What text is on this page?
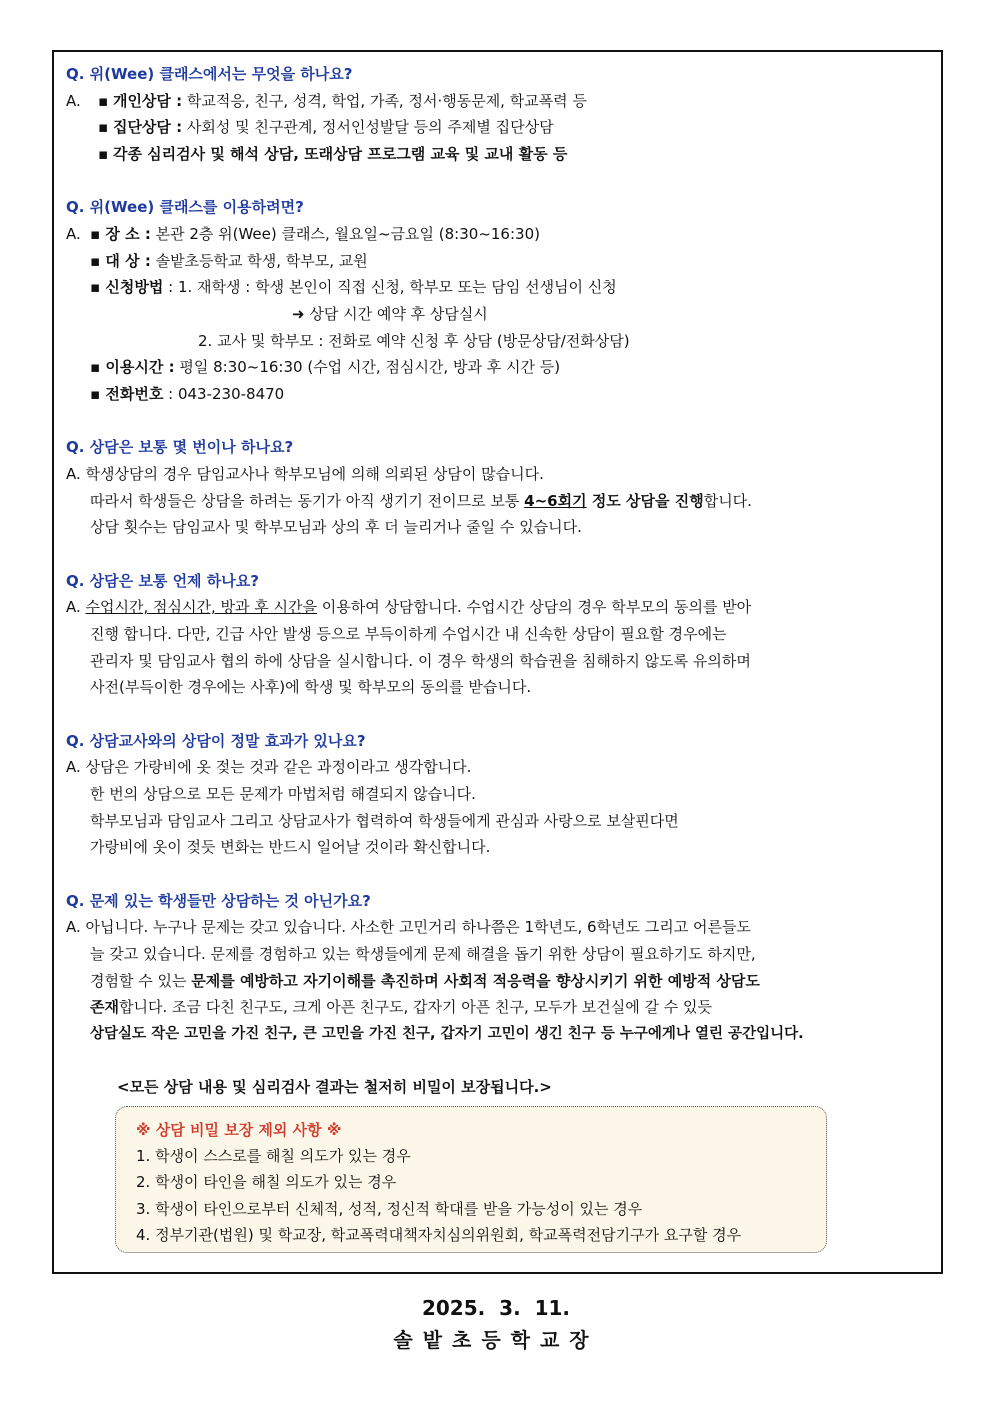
Q. 위(Wee) 클래스에서는 무엇을 하나요?
A. ▪ 개인상담 : 학교적응, 친구, 성격, 학업, 가족, 정서·행동문제, 학교폭력 등
▪ 집단상담 : 사회성 및 친구관계, 정서인성발달 등의 주제별 집단상담
▪ 각종 심리검사 및 해석 상담, 또래상담 프로그램 교육 및 교내 활동 등
Q. 위(Wee) 클래스를 이용하려면?
A. ▪ 장 소 : 본관 2층 위(Wee) 클래스, 월요일~금요일 (8:30~16:30)
▪ 대 상 : 솔밭초등학교 학생, 학부모, 교원
▪ 신청방법 : 1. 재학생 : 학생 본인이 직접 신청, 학부모 또는 담임 선생님이 신청
➜ 상담 시간 예약 후 상담실시
2. 교사 및 학부모 : 전화로 예약 신청 후 상담 (방문상담/전화상담)
▪ 이용시간 : 평일 8:30~16:30 (수업 시간, 점심시간, 방과 후 시간 등)
▪ 전화번호 : 043-230-8470
Q. 상담은 보통 몇 번이나 하나요?
A. 학생상담의 경우 담임교사나 학부모님에 의해 의뢰된 상담이 많습니다.
따라서 학생들은 상담을 하려는 동기가 아직 생기기 전이므로 보통 4~6회기 정도 상담을 진행합니다.
상담 횟수는 담임교사 및 학부모님과 상의 후 더 늘리거나 줄일 수 있습니다.
Q. 상담은 보통 언제 하나요?
A. 수업시간, 점심시간, 방과 후 시간을 이용하여 상담합니다. 수업시간 상담의 경우 학부모의 동의를 받아
진행 합니다. 다만, 긴급 사안 발생 등으로 부득이하게 수업시간 내 신속한 상담이 필요할 경우에는
관리자 및 담임교사 협의 하에 상담을 실시합니다. 이 경우 학생의 학습권을 침해하지 않도록 유의하며
사전(부득이한 경우에는 사후)에 학생 및 학부모의 동의를 받습니다.
Q. 상담교사와의 상담이 정말 효과가 있나요?
A. 상담은 가랑비에 옷 젖는 것과 같은 과정이라고 생각합니다.
한 번의 상담으로 모든 문제가 마법처럼 해결되지 않습니다.
학부모님과 담임교사 그리고 상담교사가 협력하여 학생들에게 관심과 사랑으로 보살핀다면
가랑비에 옷이 젖듯 변화는 반드시 일어날 것이라 확신합니다.
Q. 문제 있는 학생들만 상담하는 것 아닌가요?
A. 아닙니다. 누구나 문제는 갖고 있습니다. 사소한 고민거리 하나쯤은 1학년도, 6학년도 그리고 어른들도
늘 갖고 있습니다. 문제를 경험하고 있는 학생들에게 문제 해결을 돕기 위한 상담이 필요하기도 하지만,
경험할 수 있는 문제를 예방하고 자기이해를 촉진하며 사회적 적응력을 향상시키기 위한 예방적 상담도
존재합니다. 조금 다친 친구도, 크게 아픈 친구도, 갑자기 아픈 친구, 모두가 보건실에 갈 수 있듯
상담실도 작은 고민을 가진 친구, 큰 고민을 가진 친구, 갑자기 고민이 생긴 친구 등 누구에게나 열린 공간입니다.
<모든 상담 내용 및 심리검사 결과는 철저히 비밀이 보장됩니다.>
※ 상담 비밀 보장 제외 사항 ※
1. 학생이 스스로를 해칠 의도가 있는 경우
2. 학생이 타인을 해칠 의도가 있는 경우
3. 학생이 타인으로부터 신체적, 성적, 정신적 학대를 받을 가능성이 있는 경우
4. 정부기관(법원) 및 학교장, 학교폭력대책자치심의위원회, 학교폭력전담기구가 요구할 경우
2025.  3.  11.
솔밭초등학교장
